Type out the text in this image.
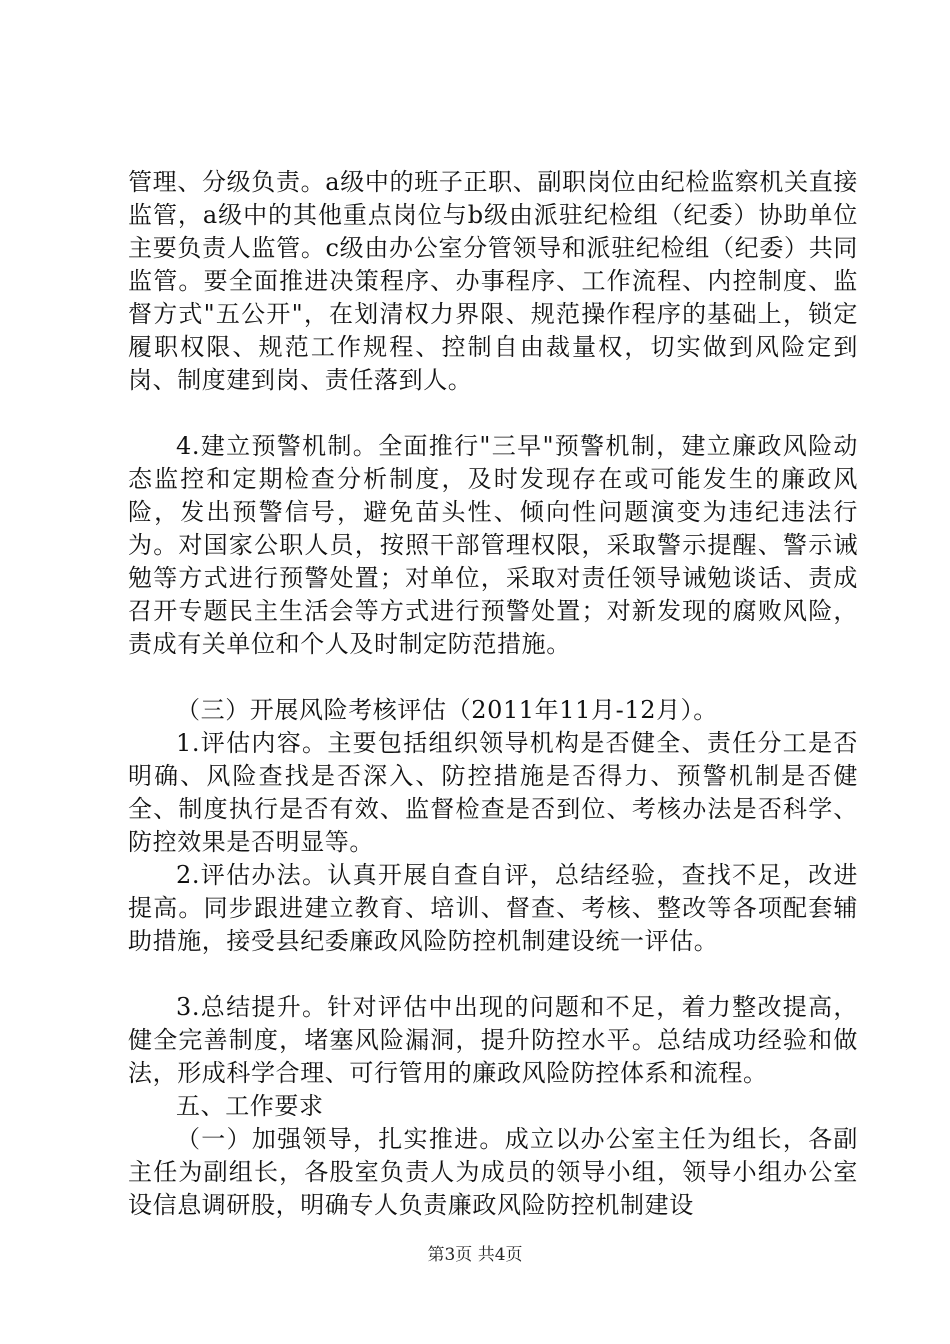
管理、分级负责。a级中的班子正职、副职岗位由纪检监察机关直接监管，a级中的其他重点岗位与b级由派驻纪检组（纪委）协助单位主要负责人监管。c级由办公室分管领导和派驻纪检组（纪委）共同监管。要全面推进决策程序、办事程序、工作流程、内控制度、监督方式"五公开"，在划清权力界限、规范操作程序的基础上，锁定履职权限、规范工作规程、控制自由裁量权，切实做到风险定到岗、制度建到岗、责任落到人。

4.建立预警机制。全面推行"三早"预警机制，建立廉政风险动态监控和定期检查分析制度，及时发现存在或可能发生的廉政风险，发出预警信号，避免苗头性、倾向性问题演变为违纪违法行为。对国家公职人员，按照干部管理权限，采取警示提醒、警示诫勉等方式进行预警处置；对单位，采取对责任领导诫勉谈话、责成召开专题民主生活会等方式进行预警处置；对新发现的腐败风险，责成有关单位和个人及时制定防范措施。

（三）开展风险考核评估（2011年11月-12月）。

1.评估内容。主要包括组织领导机构是否健全、责任分工是否明确、风险查找是否深入、防控措施是否得力、预警机制是否健全、制度执行是否有效、监督检查是否到位、考核办法是否科学、防控效果是否明显等。

2.评估办法。认真开展自查自评，总结经验，查找不足，改进提高。同步跟进建立教育、培训、督查、考核、整改等各项配套辅助措施，接受县纪委廉政风险防控机制建设统一评估。

3.总结提升。针对评估中出现的问题和不足，着力整改提高，健全完善制度，堵塞风险漏洞，提升防控水平。总结成功经验和做法，形成科学合理、可行管用的廉政风险防控体系和流程。

五、工作要求

（一）加强领导，扎实推进。成立以办公室主任为组长，各副主任为副组长，各股室负责人为成员的领导小组，领导小组办公室设信息调研股，明确专人负责廉政风险防控机制建设

第3页 共4页
